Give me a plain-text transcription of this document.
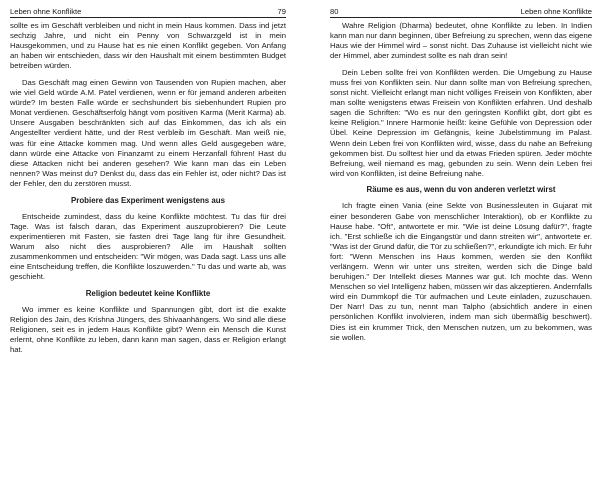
Leben ohne Konflikte	79

sollte es im Geschäft verbleiben und nicht in mein Haus kommen. Dass ind jetzt sechzig Jahre, und nicht ein Penny von Schwarzgeld ist in mein Hausgekommen, und zu Hause hat es nie einen Konflikt gegeben. Von Anfang an haben wir entschieden, dass wir den Haushalt mit einem bestimmten Budget betreiben würden.

Das Geschäft mag einen Gewinn von Tausenden von Rupien machen, aber wie viel Geld würde A.M. Patel verdienen, wenn er für jemand anderen arbeiten würde? Im besten Falle würde er sechshundert bis siebenhundert Rupien pro Monat verdienen. Geschäftserfolg hängt vom positiven Karma (Merit Karma) ab. Unsere Ausgaben beschränkten sich auf das Einkommen, das ich als ein Angestellter verdient hätte, und der Rest verbleib im Geschäft. Man weiß nie, was für eine Attacke kommen mag. Und wenn alles Geld ausgegeben wäre, dann würde eine Attacke von Finanzamt zu einem Herzanfall führen! Hast du diese Attacken nicht bei anderen gesehen? Wie kann man das ein Leben nennen? Was meinst du? Denkst du, dass das ein Fehler ist, oder nicht? Das ist der Fehler, den du zerstören musst.

Probiere das Experiment wenigstens aus

Entscheide zumindest, dass du keine Konflikte möchtest. Tu das für drei Tage. Was ist falsch daran, das Experiment auszuprobieren? Die Leute experimentieren mit Fasten, sie fasten drei Tage lang für ihre Gesundheit. Warum also nicht dies ausprobieren? Alle im Haushalt sollten zusammenkommen und entscheiden: "Wir mögen, was Dada sagt. Lass uns alle eine Entscheidung treffen, die Konflikte loszuwerden." Tu das und warte ab, was geschieht.

Religion bedeutet keine Konflikte

Wo immer es keine Konflikte und Spannungen gibt, dort ist die exakte Religion des Jain, des Krishna Jüngers, des Shivaanhängers. Wo sind alle diese Religionen, seit es in jedem Haus Konflikte gibt? Wenn ein Mensch die Kunst erlernt, ohne Konflikte zu leben, dann kann man sagen, dass er Religion erlangt hat.

80	Leben ohne Konflikte

Wahre Religion (Dharma) bedeutet, ohne Konflikte zu leben. In Indien kann man nur dann beginnen, über Befreiung zu sprechen, wenn das eigene Haus wie der Himmel wird – sonst nicht. Das Zuhause ist vielleicht nicht wie der Himmel, aber zumindest sollte es nah dran sein!

Dein Leben sollte frei von Konflikten werden. Die Umgebung zu Hause muss frei von Konflikten sein. Nur dann sollte man von Befreiung sprechen, sonst nicht. Vielleicht erlangt man nicht völliges Freisein von Konflikten, aber man sollte wenigstens etwas Freisein von Konflikten erfahren. Und deshalb sagen die Schriften: "Wo es nur den geringsten Konflikt gibt, dort gibt es keine Religion." Innere Harmonie heißt: keine Gefühle von Depression oder Übel. Keine Depression im Gefängnis, keine Jubelstimmung im Palast. Wenn dein Leben frei von Konflikten wird, wisse, dass du nahe an Befreiung gekommen bist. Du solltest hier und da etwas Frieden spüren. Jeder möchte Befreiung, weil niemand es mag, gebunden zu sein. Wenn dein Leben frei wird von Konflikten, ist deine Befreiung nahe.

Räume es aus, wenn du von anderen verletzt wirst

Ich fragte einen Vania (eine Sekte von Businessleuten in Gujarat mit einer besonderen Gabe von menschlicher Interaktion), ob er Konflikte zu Hause habe. "Oft", antwortete er mir. "Wie ist deine Lösung dafür?", fragte ich. "Erst schließe ich die Eingangstür und dann streiten wir", antwortete er. "Was ist der Grund dafür, die Tür zu schließen?", erkundigte ich mich. Er fuhr fort: "Wenn Menschen ins Haus kommen, werden sie den Konflikt verlängern. Wenn wir unter uns streiten, werden sich die Dinge bald beruhigen." Der Intellekt dieses Mannes war gut. Ich mochte das. Wenn Menschen so viel Intelligenz haben, müssen wir das akzeptieren. Andernfalls wird ein Dummkopf die Tür aufmachen und Leute einladen, zuzuschauen. Der Narr! Das zu tun, nennt man Talpho (absichtlich andere in einen persönlichen Konflikt involvieren, indem man sich übermäßig beschwert). Dies ist ein krummer Trick, den Menschen nutzen, um zu bekommen, was sie wollen.
